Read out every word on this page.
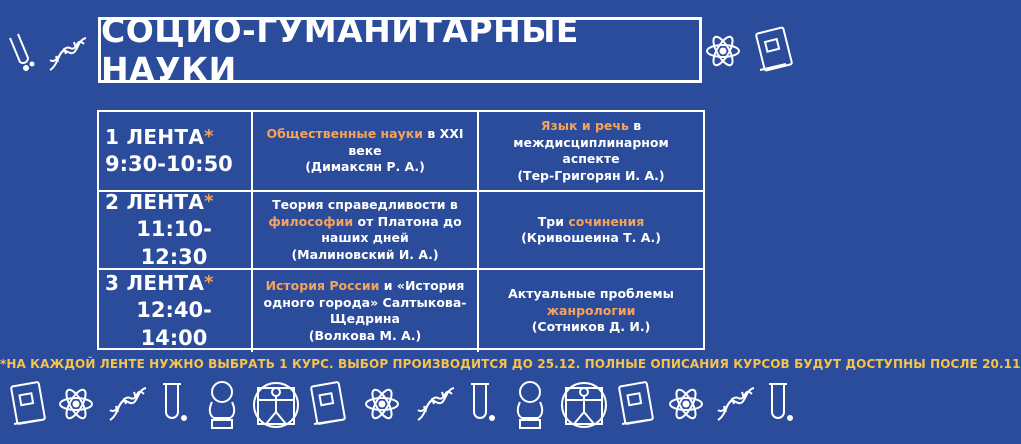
СОЦИО-ГУМАНИТАРНЫЕ НАУКИ
1 ЛЕНТА*
9:30-10:50
Общественные науки в XXI веке
(Димаксян Р. А.)
Язык и речь в междисциплинарном аспекте
(Тер-Григорян И. А.)
2 ЛЕНТА*
11:10-12:30
Теория справедливости в философии от Платона до наших дней
(Малиновский И. А.)
Три сочинения
(Кривошеина Т. А.)
3 ЛЕНТА*
12:40-14:00
История России и «История одного города» Салтыкова-Щедрина
(Волкова М. А.)
Актуальные проблемы жанрологии
(Сотников Д. И.)
*НА КАЖДОЙ ЛЕНТЕ НУЖНО ВЫБРАТЬ 1 КУРС. ВЫБОР ПРОИЗВОДИТСЯ ДО 25.12. ПОЛНЫЕ ОПИСАНИЯ КУРСОВ БУДУТ ДОСТУПНЫ ПОСЛЕ 20.11
